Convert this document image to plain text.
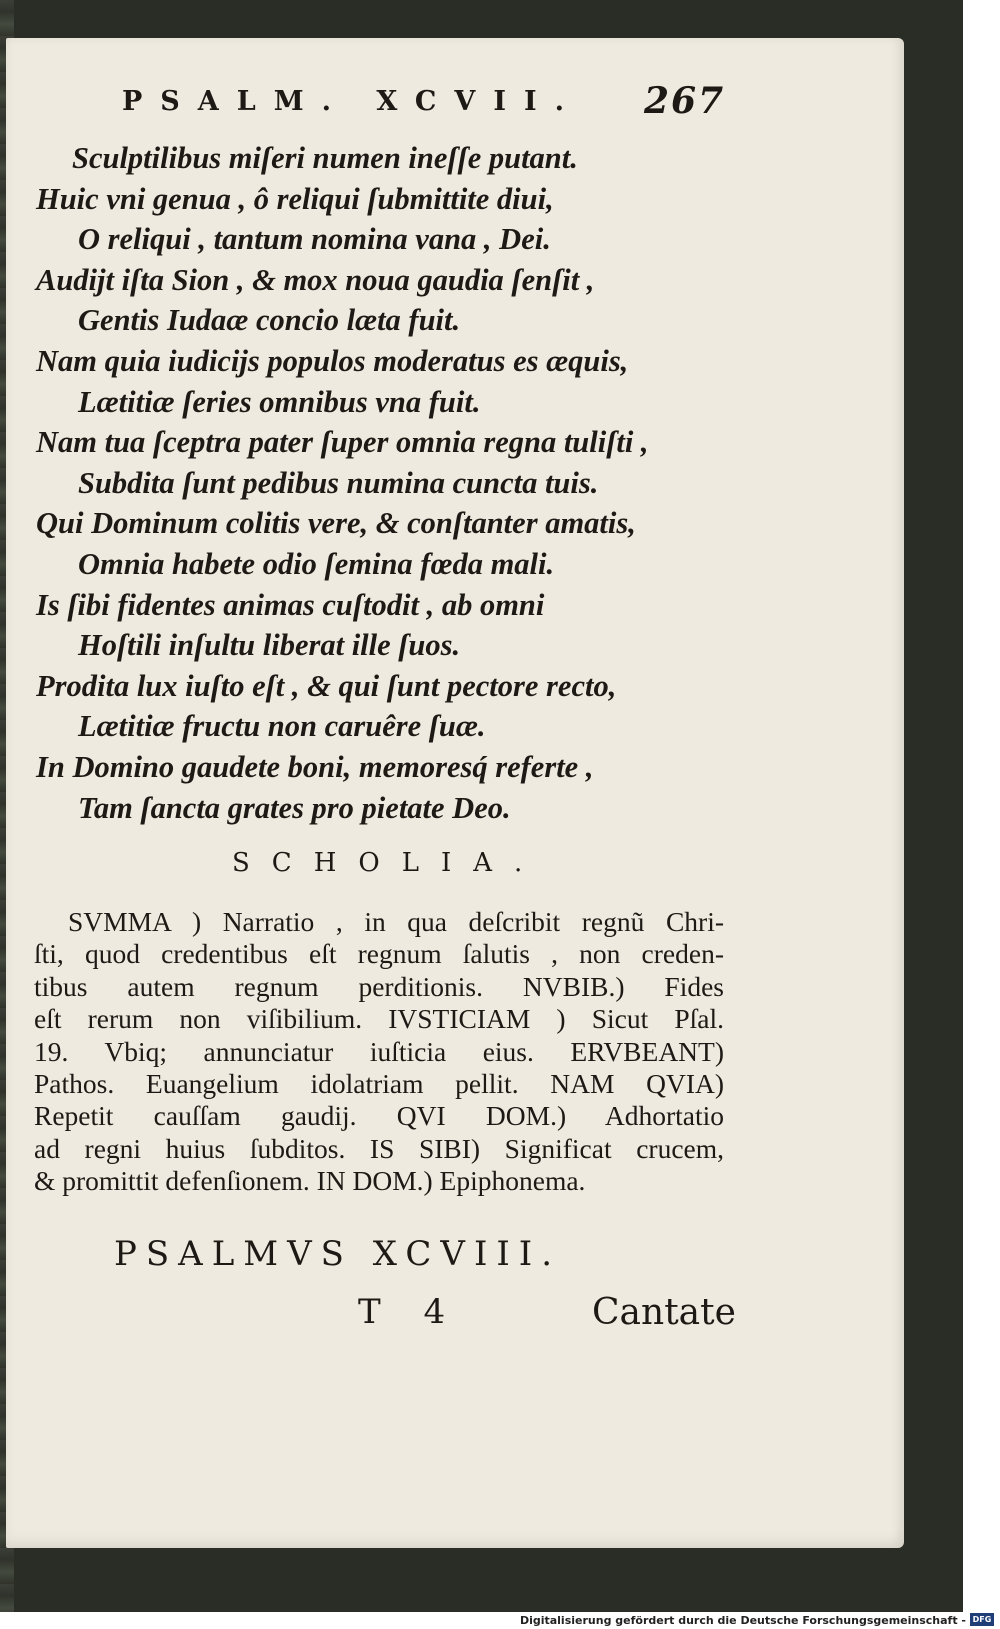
PSALM. XCVII. 267
Sculptilibus miſeri numen ineſſe putant.
Huic vni genua , ô reliqui ſubmittite diui,
O reliqui , tantum nomina vana , Dei.
Audijt iſta Sion , & mox noua gaudia ſenſit ,
Gentis Iudaæ concio læta fuit.
Nam quia iudicijs populos moderatus es æquis,
Lætitiæ ſeries omnibus vna fuit.
Nam tua ſceptra pater ſuper omnia regna tuliſti ,
Subdita ſunt pedibus numina cuncta tuis.
Qui Dominum colitis vere, & conſtanter amatis,
Omnia habete odio ſemina fœda mali.
Is ſibi fidentes animas cuſtodit , ab omni
Hoſtili inſultu liberat ille ſuos.
Prodita lux iuſto eſt , & qui ſunt pectore recto,
Lætitiæ fructu non caruêre ſuæ.
In Domino gaudete boni, memoresq́ referte ,
Tam ſancta grates pro pietate Deo.
SCHOLIA.
SVMMA ) Narratio , in qua deſcribit regnũ Chri-
ſti, quod credentibus eſt regnum ſalutis , non creden-
tibus autem regnum perditionis. NVBIB.) Fides
eſt rerum non viſibilium. IVSTICIAM ) Sicut Pſal.
19. Vbiq; annunciatur iuſticia eius. ERVBEANT)
Pathos. Euangelium idolatriam pellit. NAM QVIA)
Repetit cauſſam gaudij. QVI DOM.) Adhortatio
ad regni huius ſubditos. IS SIBI) Significat crucem,
& promittit defenſionem. IN DOM.) Epiphonema.
PSALMVS XCVIII.
T 4	Cantate
Digitalisierung gefördert durch die Deutsche Forschungsgemeinschaft - DFG
